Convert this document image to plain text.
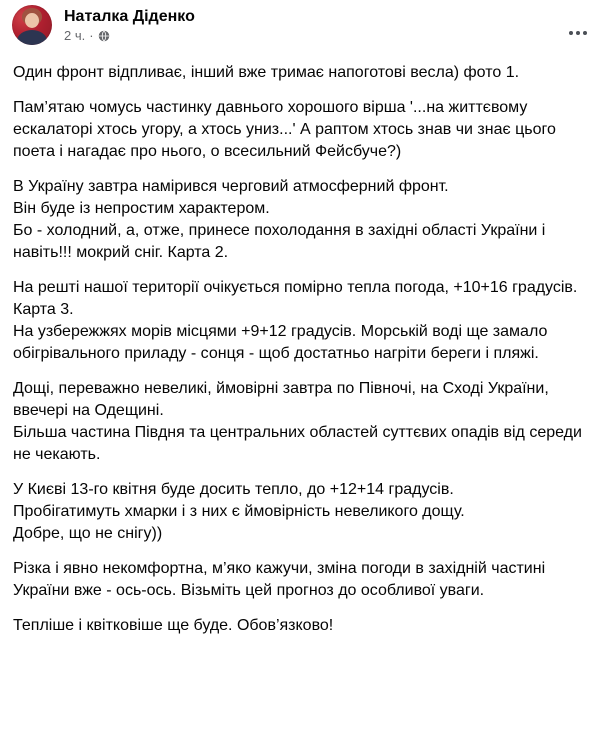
Наталка Діденко
2 ч. ·

Один фронт відпливає, інший вже тримає напоготові весла) фото 1.

Пам’ятаю чомусь частинку давнього хорошого вірша '...на життєвому ескалаторі хтось угору, а хтось униз...' А раптом хтось знав чи знає цього поета і нагадає про нього, о всесильний Фейсбуче?)

В Україну завтра намірився черговий атмосферний фронт.
Він буде із непростим характером.
Бо - холодний, а, отже, принесе похолодання в західні області України і навіть!!! мокрий сніг. Карта 2.

На решті нашої території очікується помірно тепла погода, +10+16 градусів. Карта 3.
На узбережжях морів місцями +9+12 градусів. Морській воді ще замало обігрівального приладу - сонця - щоб достатньо нагріти береги і пляжі.

Дощі, переважно невеликі, ймовірні завтра по Півночі, на Сході України, ввечері на Одещині.
Більша частина Півдня та центральних областей суттєвих опадів від середи не чекають.

У Києві 13-го квітня буде досить тепло, до +12+14 градусів.
Пробігатимуть хмарки і з них є ймовірність невеликого дощу.
Добре, що не снігу))

Різка і явно некомфортна, м’яко кажучи, зміна погоди в західній частині України вже - ось-ось. Візьміть цей прогноз до особливої уваги.

Тепліше і квітковіше ще буде. Обов’язково!
